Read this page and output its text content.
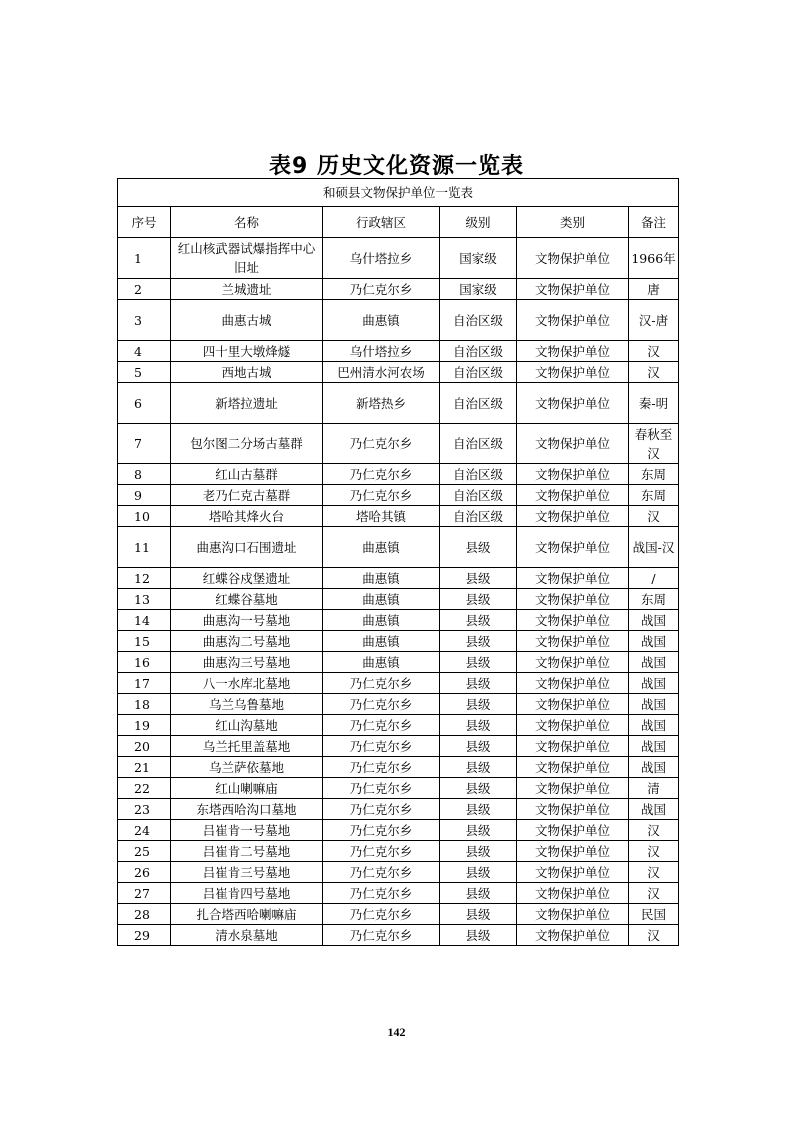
表9 历史文化资源一览表
和硕县文物保护单位一览表					
序号	名称	行政辖区	级别	类别	备注
1	红山核武器试爆指挥中心旧址	乌什塔拉乡	国家级	文物保护单位	1966年
2	兰城遗址	乃仁克尔乡	国家级	文物保护单位	唐
3	曲惠古城	曲惠镇	自治区级	文物保护单位	汉-唐
4	四十里大墩烽燧	乌什塔拉乡	自治区级	文物保护单位	汉
5	西地古城	巴州清水河农场	自治区级	文物保护单位	汉
6	新塔拉遗址	新塔热乡	自治区级	文物保护单位	秦-明
7	包尔图二分场古墓群	乃仁克尔乡	自治区级	文物保护单位	春秋至汉
8	红山古墓群	乃仁克尔乡	自治区级	文物保护单位	东周
9	老乃仁克古墓群	乃仁克尔乡	自治区级	文物保护单位	东周
10	塔哈其烽火台	塔哈其镇	自治区级	文物保护单位	汉
11	曲惠沟口石围遗址	曲惠镇	县级	文物保护单位	战国-汉
12	红蝶谷戍堡遗址	曲惠镇	县级	文物保护单位	/
13	红蝶谷墓地	曲惠镇	县级	文物保护单位	东周
14	曲惠沟一号墓地	曲惠镇	县级	文物保护单位	战国
15	曲惠沟二号墓地	曲惠镇	县级	文物保护单位	战国
16	曲惠沟三号墓地	曲惠镇	县级	文物保护单位	战国
17	八一水库北墓地	乃仁克尔乡	县级	文物保护单位	战国
18	乌兰乌鲁墓地	乃仁克尔乡	县级	文物保护单位	战国
19	红山沟墓地	乃仁克尔乡	县级	文物保护单位	战国
20	乌兰托里盖墓地	乃仁克尔乡	县级	文物保护单位	战国
21	乌兰萨依墓地	乃仁克尔乡	县级	文物保护单位	战国
22	红山喇嘛庙	乃仁克尔乡	县级	文物保护单位	清
23	东塔西哈沟口墓地	乃仁克尔乡	县级	文物保护单位	战国
24	吕崔肯一号墓地	乃仁克尔乡	县级	文物保护单位	汉
25	吕崔肯二号墓地	乃仁克尔乡	县级	文物保护单位	汉
26	吕崔肯三号墓地	乃仁克尔乡	县级	文物保护单位	汉
27	吕崔肯四号墓地	乃仁克尔乡	县级	文物保护单位	汉
28	扎合塔西哈喇嘛庙	乃仁克尔乡	县级	文物保护单位	民国
29	清水泉墓地	乃仁克尔乡	县级	文物保护单位	汉
142
